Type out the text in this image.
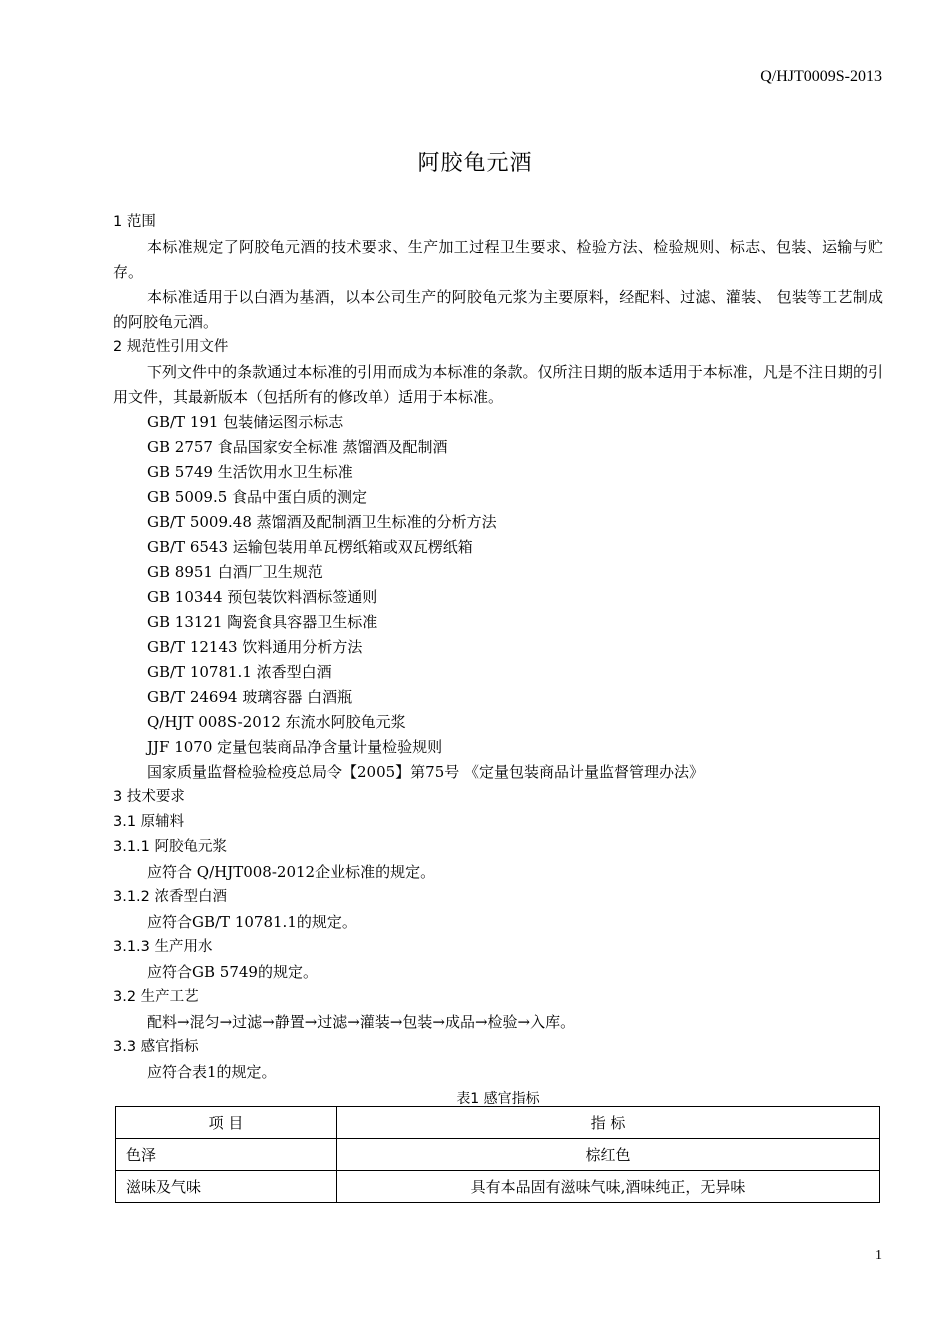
Q/HJT0009S-2013
阿胶龟元酒
1 范围
本标准规定了阿胶龟元酒的技术要求、生产加工过程卫生要求、检验方法、检验规则、标志、包装、运输与贮存。
本标准适用于以白酒为基酒，以本公司生产的阿胶龟元浆为主要原料，经配料、过滤、灌装、 包装等工艺制成的阿胶龟元酒。
2 规范性引用文件
下列文件中的条款通过本标准的引用而成为本标准的条款。仅所注日期的版本适用于本标准，凡是不注日期的引用文件，其最新版本（包括所有的修改单）适用于本标准。
GB/T 191 包装储运图示标志
GB 2757 食品国家安全标准 蒸馏酒及配制酒
GB 5749 生活饮用水卫生标准
GB 5009.5 食品中蛋白质的测定
GB/T 5009.48 蒸馏酒及配制酒卫生标准的分析方法
GB/T 6543 运输包装用单瓦楞纸箱或双瓦楞纸箱
GB 8951 白酒厂卫生规范
GB 10344 预包装饮料酒标签通则
GB 13121 陶瓷食具容器卫生标准
GB/T 12143 饮料通用分析方法
GB/T 10781.1 浓香型白酒
GB/T 24694 玻璃容器 白酒瓶
Q/HJT 008S-2012 东流水阿胶龟元浆
JJF 1070 定量包装商品净含量计量检验规则
国家质量监督检验检疫总局令【2005】第75号 《定量包装商品计量监督管理办法》
3 技术要求
3.1 原辅料
3.1.1 阿胶龟元浆
应符合 Q/HJT008-2012企业标准的规定。
3.1.2 浓香型白酒
应符合GB/T 10781.1的规定。
3.1.3 生产用水
应符合GB 5749的规定。
3.2 生产工艺
配料→混匀→过滤→静置→过滤→灌装→包装→成品→检验→入库。
3.3 感官指标
应符合表1的规定。
表1 感官指标
项 目	指 标
色泽	棕红色
滋味及气味	具有本品固有滋味气味,酒味纯正，无异味
1
